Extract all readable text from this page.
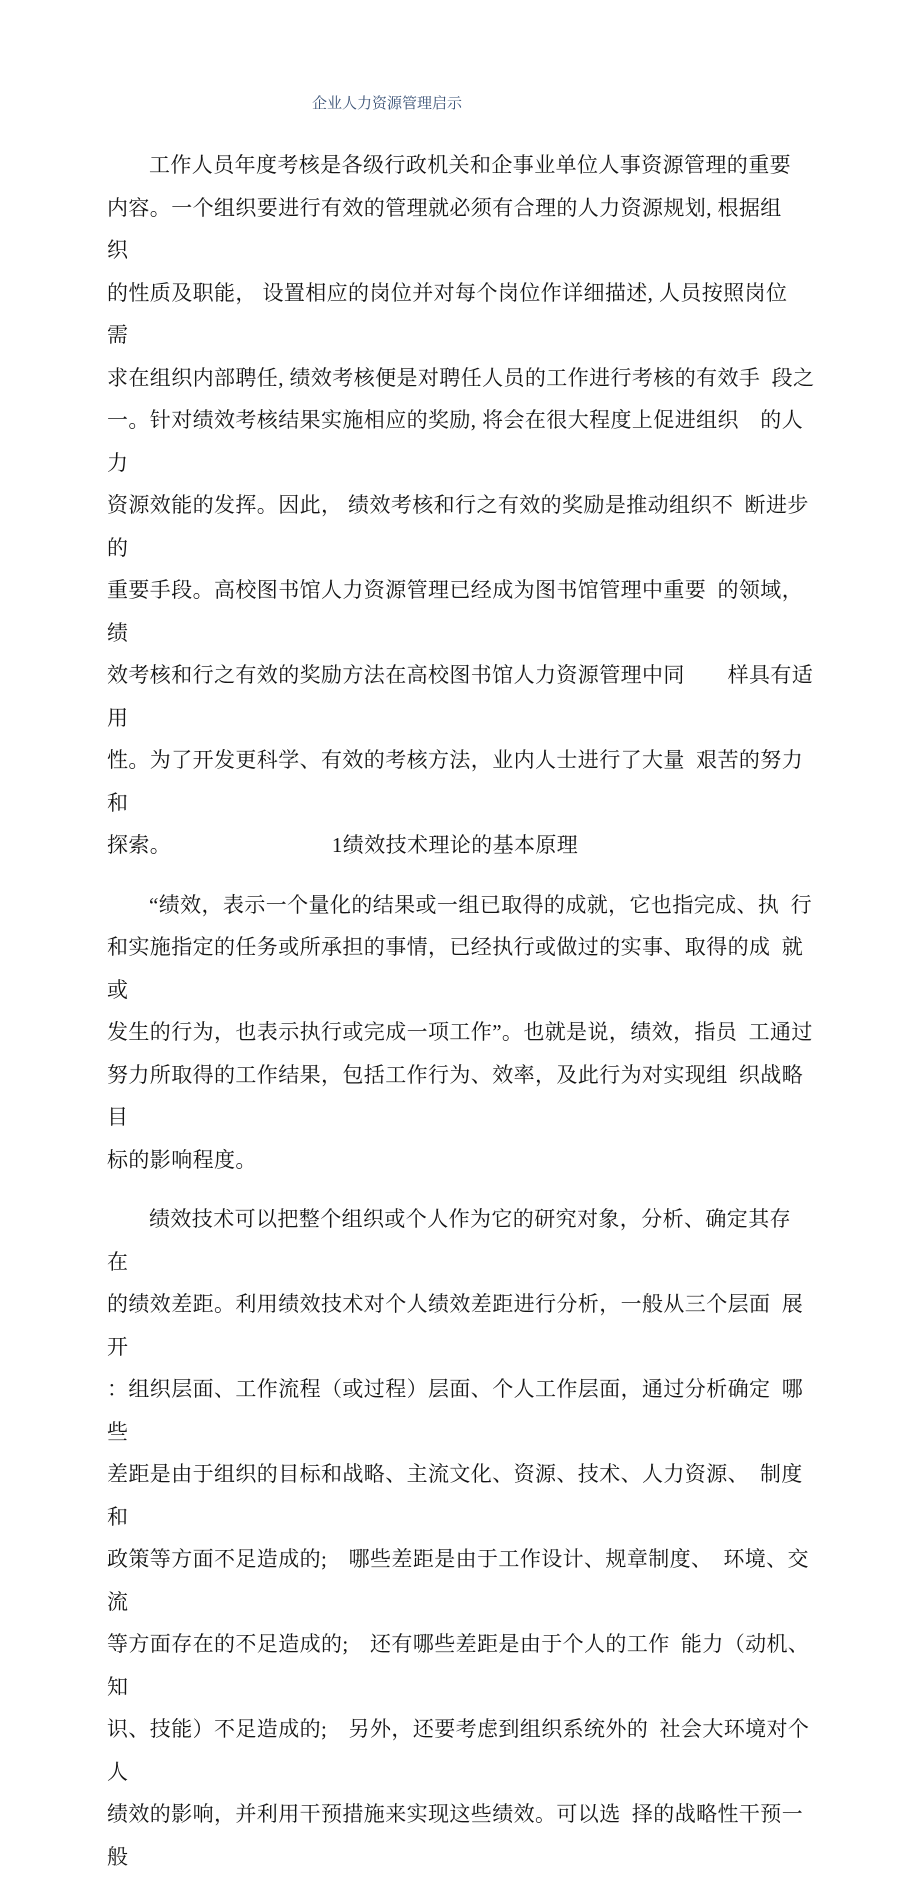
企业人力资源管理启示
工作人员年度考核是各级行政机关和企事业单位人事资源管理的重要
内容。一个组织要进行有效的管理就必须有合理的人力资源规划, 根据组　织
的性质及职能， 设置相应的岗位并对每个岗位作详细描述, 人员按照岗位　需
求在组织内部聘任, 绩效考核便是对聘任人员的工作进行考核的有效手  段之
一。针对绩效考核结果实施相应的奖励, 将会在很大程度上促进组织　的人力
资源效能的发挥。因此， 绩效考核和行之有效的奖励是推动组织不  断进步的
重要手段。高校图书馆人力资源管理已经成为图书馆管理中重要  的领域，绩
效考核和行之有效的奖励方法在高校图书馆人力资源管理中同　　样具有适用
性。为了开发更科学、有效的考核方法，业内人士进行了大量  艰苦的努力和
探索。　　　　　　　　1绩效技术理论的基本原理
“绩效，表示一个量化的结果或一组已取得的成就，它也指完成、执  行
和实施指定的任务或所承担的事情，已经执行或做过的实事、取得的成  就或
发生的行为，也表示执行或完成一项工作”。也就是说，绩效，指员  工通过
努力所取得的工作结果，包括工作行为、效率，及此行为对实现组  织战略目
标的影响程度。
绩效技术可以把整个组织或个人作为它的研究对象，分析、确定其存  在
的绩效差距。利用绩效技术对个人绩效差距进行分析，一般从三个层面  展开
：组织层面、工作流程（或过程）层面、个人工作层面，通过分析确定  哪些
差距是由于组织的目标和战略、主流文化、资源、技术、人力资源、　制度和
政策等方面不足造成的;　哪些差距是由于工作设计、规章制度、　环境、交流
等方面存在的不足造成的;　还有哪些差距是由于个人的工作  能力（动机、知
识、技能）不足造成的;　另外，还要考虑到组织系统外的  社会大环境对个人
绩效的影响，并利用干预措施来实现这些绩效。可以选  择的战略性干预一般
